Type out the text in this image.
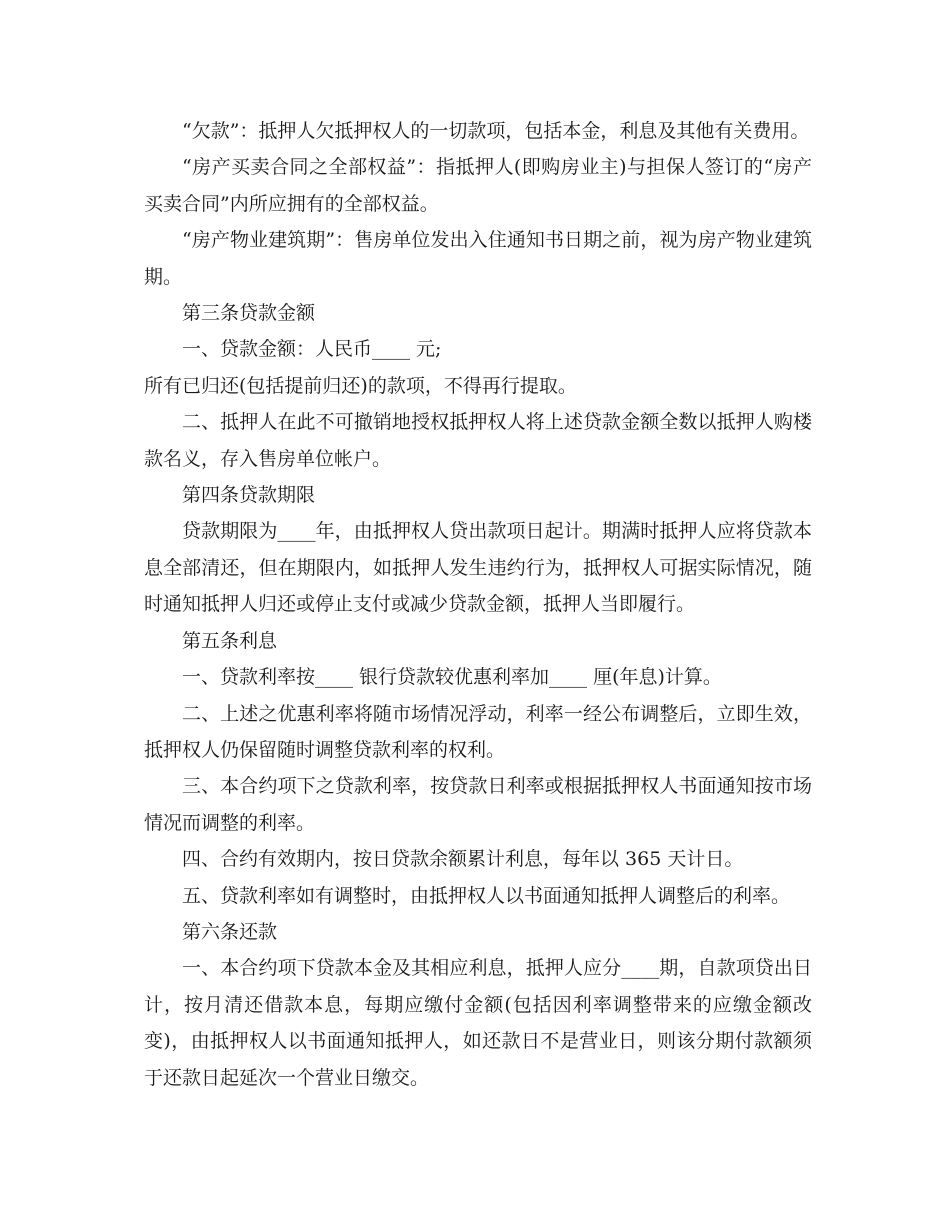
“欠款”：抵押人欠抵押权人的一切款项，包括本金，利息及其他有关费用。

“房产买卖合同之全部权益”：指抵押人(即购房业主)与担保人签订的“房产买卖合同”内所应拥有的全部权益。

“房产物业建筑期”：售房单位发出入住通知书日期之前，视为房产物业建筑期。

第三条贷款金额

一、贷款金额：人民币____ 元;

所有已归还(包括提前归还)的款项，不得再行提取。

二、抵押人在此不可撤销地授权抵押权人将上述贷款金额全数以抵押人购楼款名义，存入售房单位帐户。

第四条贷款期限

贷款期限为____年，由抵押权人贷出款项日起计。期满时抵押人应将贷款本息全部清还，但在期限内，如抵押人发生违约行为，抵押权人可据实际情况，随时通知抵押人归还或停止支付或减少贷款金额，抵押人当即履行。

第五条利息

一、贷款利率按____ 银行贷款较优惠利率加____ 厘(年息)计算。

二、上述之优惠利率将随市场情况浮动，利率一经公布调整后，立即生效，抵押权人仍保留随时调整贷款利率的权利。

三、本合约项下之贷款利率，按贷款日利率或根据抵押权人书面通知按市场情况而调整的利率。

四、合约有效期内，按日贷款余额累计利息，每年以 365 天计日。

五、贷款利率如有调整时，由抵押权人以书面通知抵押人调整后的利率。

第六条还款

一、本合约项下贷款本金及其相应利息，抵押人应分____期，自款项贷出日计，按月清还借款本息，每期应缴付金额(包括因利率调整带来的应缴金额改变)，由抵押权人以书面通知抵押人，如还款日不是营业日，则该分期付款额须于还款日起延次一个营业日缴交。
